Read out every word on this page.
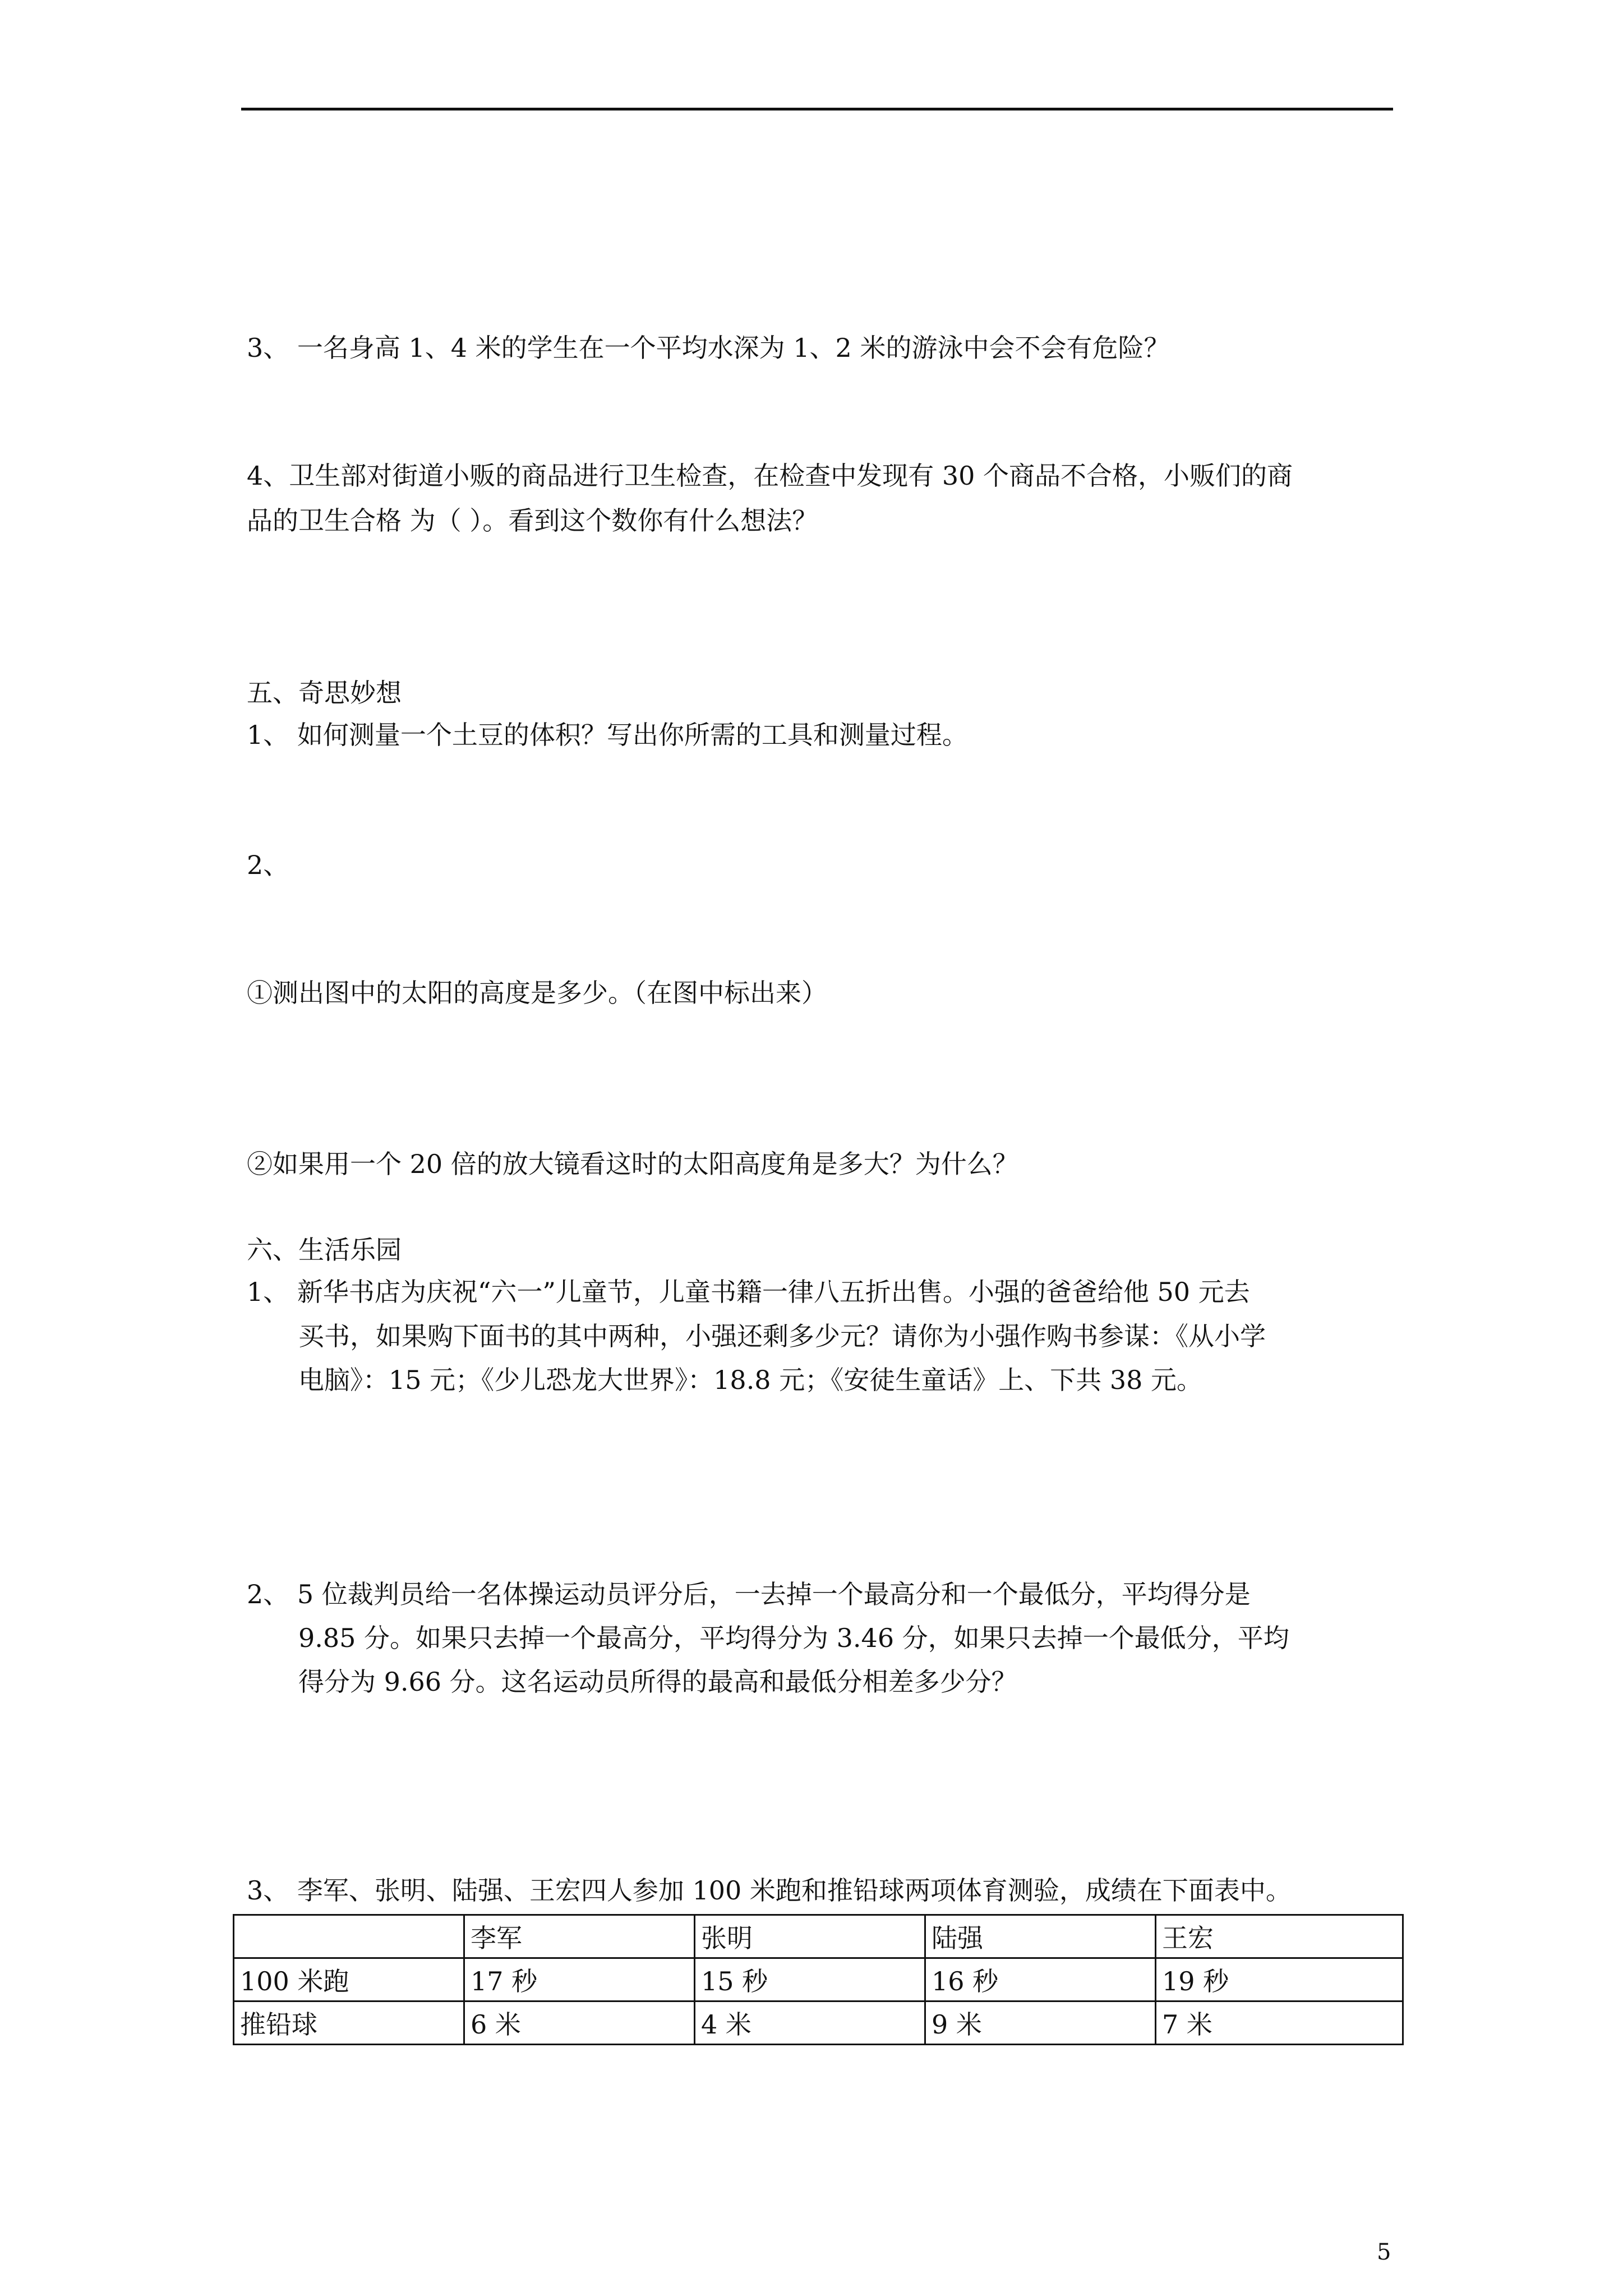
3、 一名身高 1、4 米的学生在一个平均水深为 1、2 米的游泳中会不会有危险？
4、卫生部对街道小贩的商品进行卫生检查，在检查中发现有 30 个商品不合格，小贩们的商
品的卫生合格 为（ ）。看到这个数你有什么想法？
五、奇思妙想
1、 如何测量一个土豆的体积？写出你所需的工具和测量过程。
2、
①测出图中的太阳的高度是多少。（在图中标出来）
②如果用一个 20 倍的放大镜看这时的太阳高度角是多大？为什么？
六、生活乐园
1、 新华书店为庆祝“六一”儿童节，儿童书籍一律八五折出售。小强的爸爸给他 50 元去
买书，如果购下面书的其中两种，小强还剩多少元？请你为小强作购书参谋：《从小学
电脑》：15 元；《少儿恐龙大世界》：18.8 元；《安徒生童话》上、下共 38 元。
2、 5 位裁判员给一名体操运动员评分后，一去掉一个最高分和一个最低分，平均得分是
9.85 分。如果只去掉一个最高分，平均得分为 3.46 分，如果只去掉一个最低分，平均
得分为 9.66 分。这名运动员所得的最高和最低分相差多少分？
3、 李军、张明、陆强、王宏四人参加 100 米跑和推铅球两项体育测验，成绩在下面表中。
	李军	张明	陆强	王宏
100 米跑	17 秒	15 秒	16 秒	19 秒
推铅球	6 米	4 米	9 米	7 米
5
